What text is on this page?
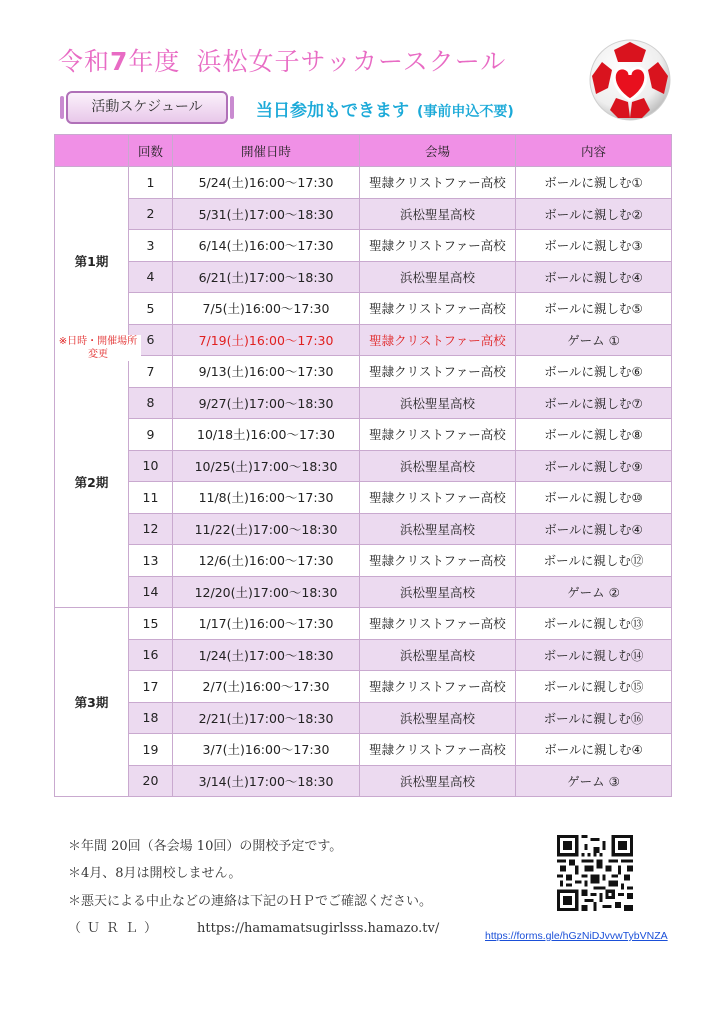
令和7年度 浜松女子サッカースクール
活動スケジュール	当日参加もできます (事前申込不要)
	回数	開催日時	会場	内容
第1期	1	5/24(土)16:00～17:30	聖隷クリストファー高校	ボールに親しむ①
	2	5/31(土)17:00～18:30	浜松聖星高校	ボールに親しむ②
	3	6/14(土)16:00～17:30	聖隷クリストファー高校	ボールに親しむ③
	4	6/21(土)17:00～18:30	浜松聖星高校	ボールに親しむ④
	5	7/5(土)16:00～17:30	聖隷クリストファー高校	ボールに親しむ⑤
	6	7/19(土)16:00～17:30	聖隷クリストファー高校	ゲーム ①
第2期	7	9/13(土)16:00～17:30	聖隷クリストファー高校	ボールに親しむ⑥
	8	9/27(土)17:00～18:30	浜松聖星高校	ボールに親しむ⑦
	9	10/18土)16:00～17:30	聖隷クリストファー高校	ボールに親しむ⑧
	10	10/25(土)17:00～18:30	浜松聖星高校	ボールに親しむ⑨
	11	11/8(土)16:00～17:30	聖隷クリストファー高校	ボールに親しむ⑩
	12	11/22(土)17:00～18:30	浜松聖星高校	ボールに親しむ④
	13	12/6(土)16:00～17:30	聖隷クリストファー高校	ボールに親しむ⑫
	14	12/20(土)17:00～18:30	浜松聖星高校	ゲーム ②
第3期	15	1/17(土)16:00～17:30	聖隷クリストファー高校	ボールに親しむ⑬
	16	1/24(土)17:00～18:30	浜松聖星高校	ボールに親しむ⑭
	17	2/7(土)16:00～17:30	聖隷クリストファー高校	ボールに親しむ⑮
	18	2/21(土)17:00～18:30	浜松聖星高校	ボールに親しむ⑯
	19	3/7(土)16:00～17:30	聖隷クリストファー高校	ボールに親しむ④
	20	3/14(土)17:00～18:30	浜松聖星高校	ゲーム ③
※日時・開催場所
変更
＊年間 20回（各会場 10回）の開校予定です。
＊4月、8月は開校しません。
＊悪天による中止などの連絡は下記のＨＰでご確認ください。
（ＵＲＬ）	https://hamamatsugirlsss.hamazo.tv/	https://forms.gle/hGzNiDJvvwTybVNZA
